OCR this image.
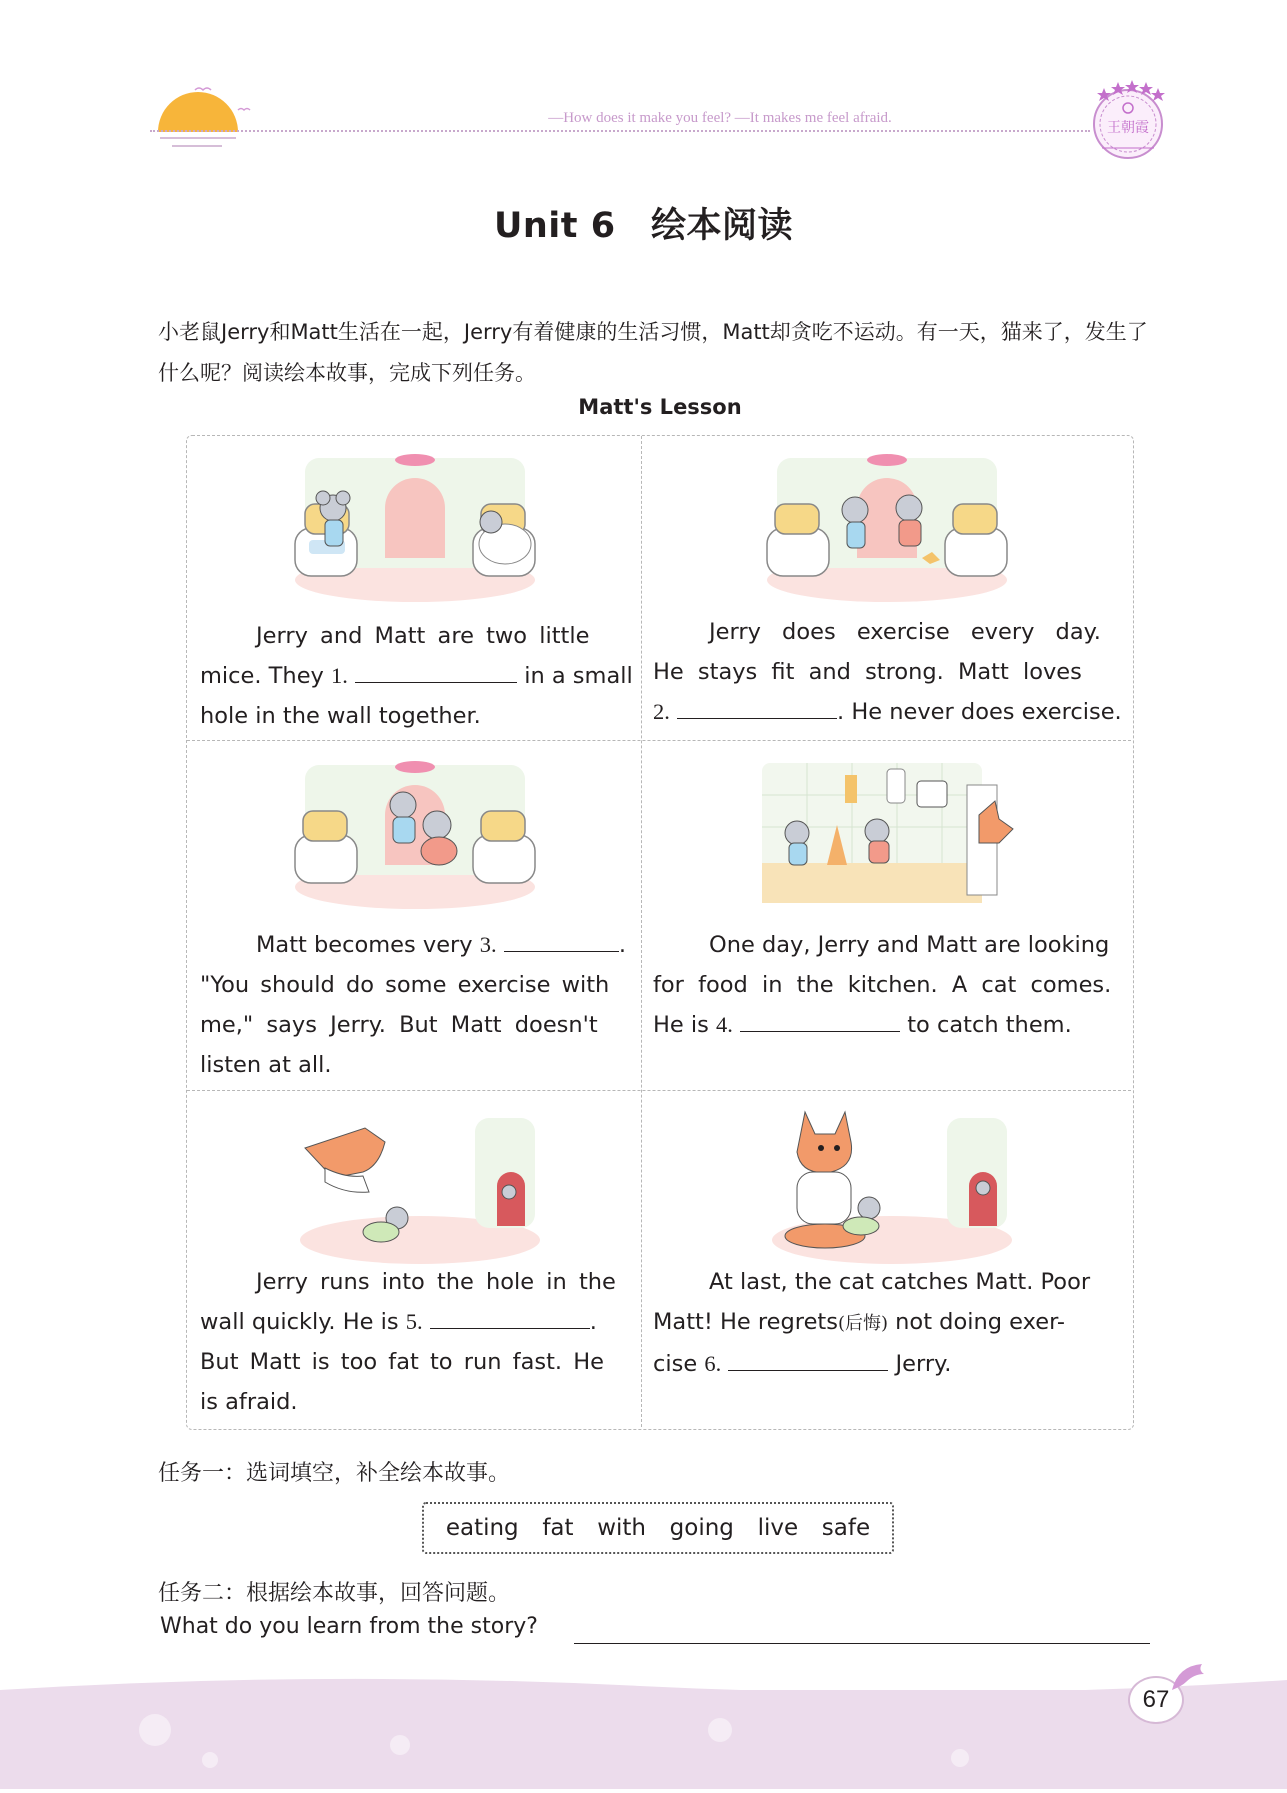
—How does it make you feel? —It makes me feel afraid.
王朝霞
Unit 6　绘本阅读
小老鼠Jerry和Matt生活在一起，Jerry有着健康的生活习惯，Matt却贪吃不运动。有一天，猫来了，发生了什么呢？阅读绘本故事，完成下列任务。
Matt's Lesson
Jerry and Matt are two little
mice. They 1.	in a small
hole in the wall together.
Jerry does exercise every day.
He stays fit and strong. Matt loves
2.	. He never does exercise.
Matt becomes very 3.	.
"You should do some exercise with
me," says Jerry. But Matt doesn't
listen at all.
One day, Jerry and Matt are looking
for food in the kitchen. A cat comes.
He is 4.	to catch them.
Jerry runs into the hole in the
wall quickly. He is 5.	.
But Matt is too fat to run fast. He
is afraid.
At last, the cat catches Matt. Poor
Matt! He regrets(后悔) not doing exer-
cise 6.	Jerry.
任务一：选词填空，补全绘本故事。
eating fat with going live safe
任务二：根据绘本故事，回答问题。
What do you learn from the story?
67
